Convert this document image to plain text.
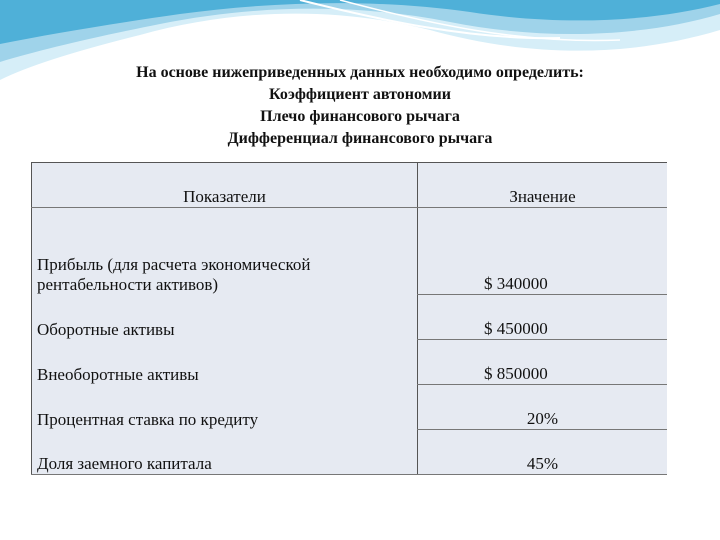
На основе нижеприведенных данных необходимо определить:
Коэффициент автономии
Плечо финансового рычага
Дифференциал финансового рычага
Показатели	Значение
Прибыль (для расчета экономической
рентабельности активов)	$ 340000
Оборотные активы	$ 450000
Внеоборотные активы	$ 850000
Процентная ставка по кредиту	20%
Доля заемного капитала	45%
